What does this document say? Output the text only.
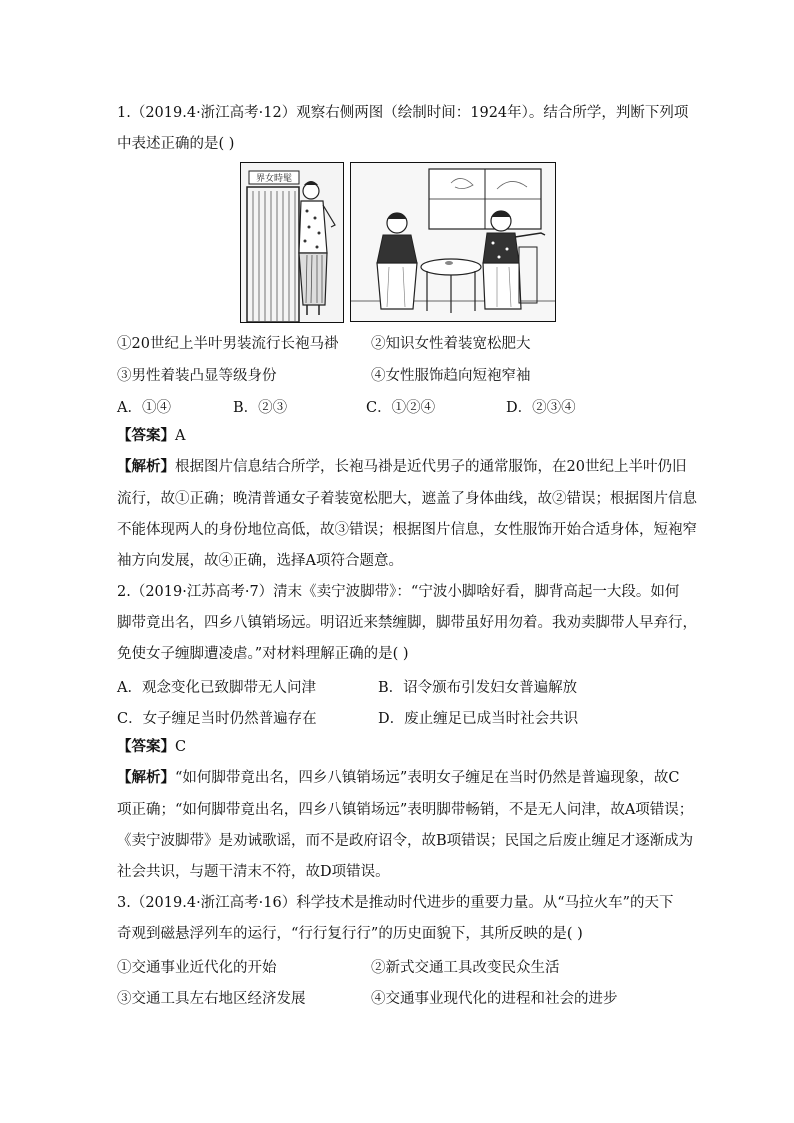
1.（2019.4·浙江高考·12）观察右侧两图（绘制时间：1924年）。结合所学，判断下列项
中表述正确的是( )
界女時髦
①20世纪上半叶男装流行长袍马褂 ②知识女性着装宽松肥大
③男性着装凸显等级身份	④女性服饰趋向短袍窄袖
A．①④	B．②③	C．①②④	D．②③④
【答案】A
【解析】根据图片信息结合所学，长袍马褂是近代男子的通常服饰，在20世纪上半叶仍旧
流行，故①正确；晚清普通女子着装宽松肥大，遮盖了身体曲线，故②错误；根据图片信息
不能体现两人的身份地位高低，故③错误；根据图片信息，女性服饰开始合适身体，短袍窄
袖方向发展，故④正确，选择A项符合题意。
2.（2019·江苏高考·7）清末《卖宁波脚带》：“宁波小脚啥好看，脚背高起一大段。如何
脚带竟出名，四乡八镇销场远。明诏近来禁缠脚，脚带虽好用勿着。我劝卖脚带人早弃行，
免使女子缠脚遭凌虐。”对材料理解正确的是( )
A．观念变化已致脚带无人问津	B．诏令颁布引发妇女普遍解放
C．女子缠足当时仍然普遍存在	D．废止缠足已成当时社会共识
【答案】C
【解析】“如何脚带竟出名，四乡八镇销场远”表明女子缠足在当时仍然是普遍现象，故C
项正确；“如何脚带竟出名，四乡八镇销场远”表明脚带畅销，不是无人问津，故A项错误；
《卖宁波脚带》是劝诫歌谣，而不是政府诏令，故B项错误；民国之后废止缠足才逐渐成为
社会共识，与题干清末不符，故D项错误。
3.（2019.4·浙江高考·16）科学技术是推动时代进步的重要力量。从“马拉火车”的天下
奇观到磁悬浮列车的运行，“行行复行行”的历史面貌下，其所反映的是( )
①交通事业近代化的开始	②新式交通工具改变民众生活
③交通工具左右地区经济发展	④交通事业现代化的进程和社会的进步
